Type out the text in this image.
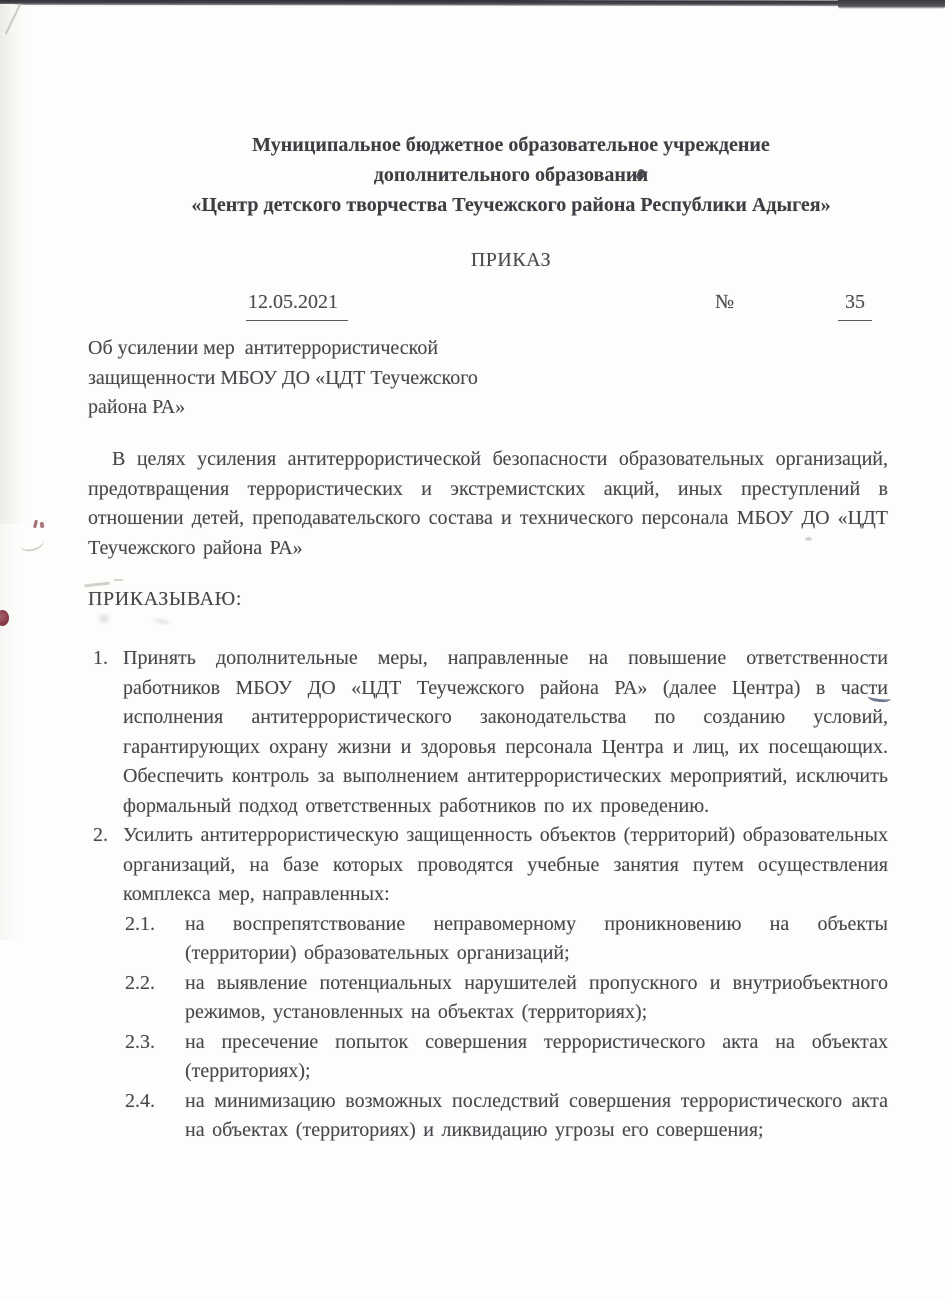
Муниципальное бюджетное образовательное учреждение
дополнительного образования
«Центр детского творчества Теучежского района Республики Адыгея»
ПРИКАЗ
12.05.2021	№	35
Об усилении мер  антитеррористической
защищенности МБОУ ДО «ЦДТ Теучежского
района РА»

В целях усиления антитеррористической безопасности образовательных организаций, предотвращения террористических и экстремистских акций, иных преступлений в отношении детей, преподавательского состава и технического персонала МБОУ ДО «ЦДТ Теучежского района РА»

ПРИКАЗЫВАЮ:
1. Принять дополнительные меры, направленные на повышение ответственности работников МБОУ ДО «ЦДТ Теучежского района РА» (далее Центра) в части исполнения антитеррористического законодательства по созданию условий, гарантирующих охрану жизни и здоровья персонала Центра и лиц, их посещающих. Обеспечить контроль за выполнением антитеррористических мероприятий, исключить формальный подход ответственных работников по их проведению.
2. Усилить антитеррористическую защищенность объектов (территорий) образовательных организаций, на базе которых проводятся учебные занятия путем осуществления комплекса мер, направленных:
2.1.	на воспрепятствование неправомерному проникновению на объекты (территории) образовательных организаций;
2.2.	на выявление потенциальных нарушителей пропускного и внутриобъектного режимов, установленных на объектах (территориях);
2.3.	на пресечение попыток совершения террористического акта на объектах (территориях);
2.4.	на минимизацию возможных последствий совершения террористического акта на объектах (территориях) и ликвидацию угрозы его совершения;
